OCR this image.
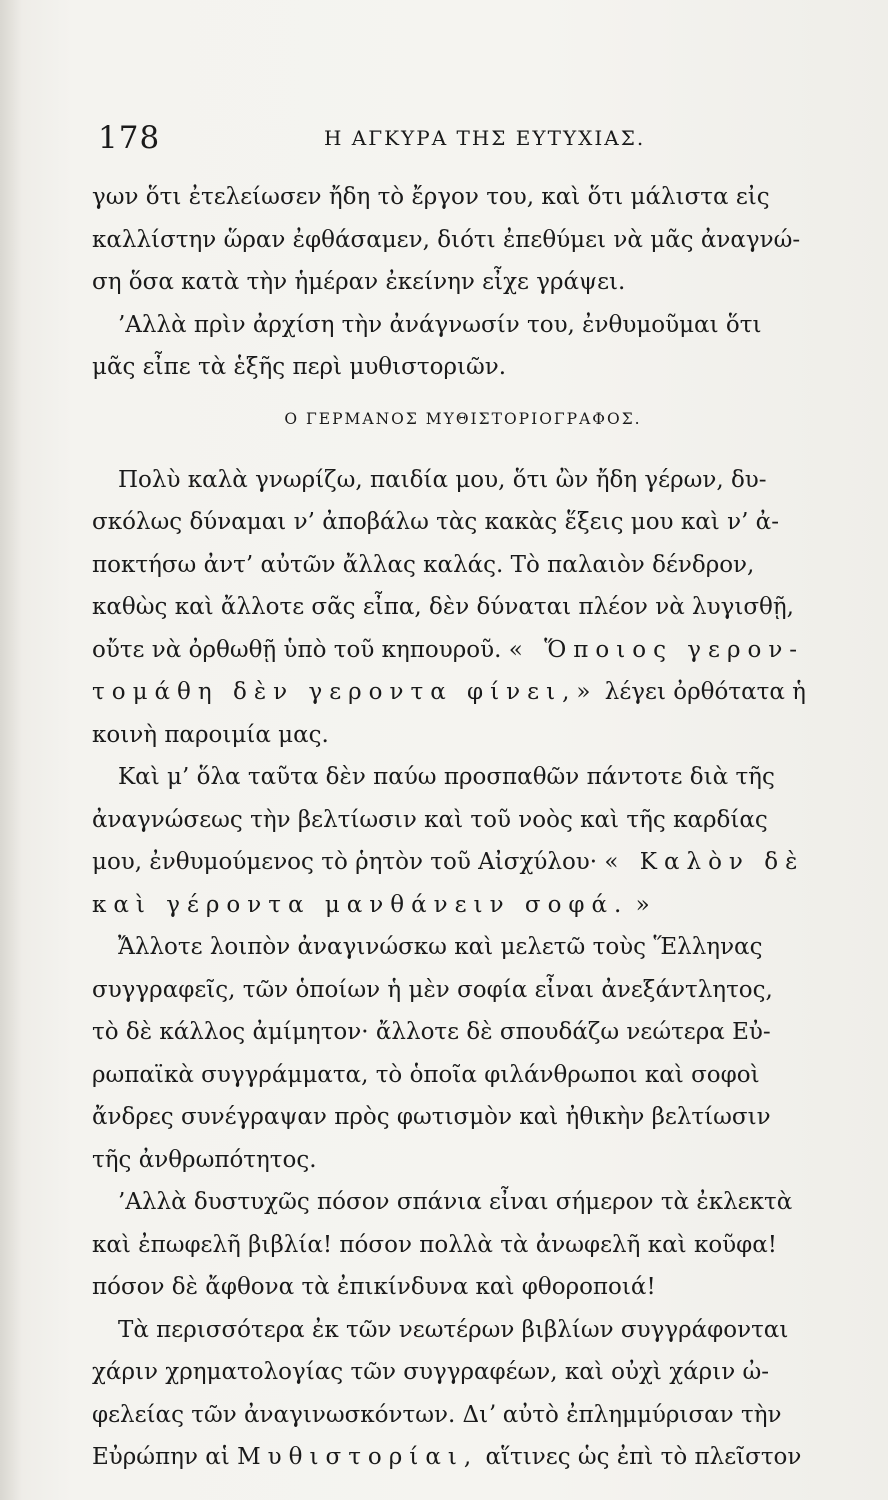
178	Η ΑΓΚΥΡΑ ΤΗΣ ΕΥΤΥΧΙΑΣ.
γων ὅτι ἐτελείωσεν ἤδη τὸ ἔργον του, καὶ ὅτι μάλιστα εἰς
καλλίστην ὥραν ἐφθάσαμεν, διότι ἐπεθύμει νὰ μᾶς ἀναγνώ-
ση ὅσα κατὰ τὴν ἡμέραν ἐκείνην εἶχε γράψει.
’Αλλὰ πρὶν ἀρχίση τὴν ἀνάγνωσίν του, ἐνθυμοῦμαι ὅτι
μᾶς εἶπε τὰ ἑξῆς περὶ μυθιστοριῶν.
Ο ΓΕΡΜΑΝΟΣ ΜΥΘΙΣΤΟΡΙΟΓΡΑΦΟΣ.
Πολὺ καλὰ γνωρίζω, παιδία μου, ὅτι ὢν ἤδη γέρων, δυ-
σκόλως δύναμαι ν’ ἀποβάλω τὰς κακὰς ἕξεις μου καὶ ν’ ἀ-
ποκτήσω ἀντ’ αὐτῶν ἄλλας καλάς. Τὸ παλαιὸν δένδρον,
καθὼς καὶ ἄλλοτε σᾶς εἶπα, δὲν δύναται πλέον νὰ λυγισθῇ,
οὔτε νὰ ὀρθωθῇ ὑπὸ τοῦ κηπουροῦ. « Ὅποιος γερον-
τομάθη δὲν γεροντα φίνει,» λέγει ὀρθότατα ἡ
κοινὴ παροιμία μας.
Καὶ μ’ ὅλα ταῦτα δὲν παύω προσπαθῶν πάντοτε διὰ τῆς
ἀναγνώσεως τὴν βελτίωσιν καὶ τοῦ νοὸς καὶ τῆς καρδίας
μου, ἐνθυμούμενος τὸ ῥητὸν τοῦ Αἰσχύλου· « Καλὸν δὲ
καὶ γέροντα μανθάνειν σοφά. »
Ἄλλοτε λοιπὸν ἀναγινώσκω καὶ μελετῶ τοὺς Ἕλληνας
συγγραφεῖς, τῶν ὁποίων ἡ μὲν σοφία εἶναι ἀνεξάντλητος,
τὸ δὲ κάλλος ἀμίμητον· ἄλλοτε δὲ σπουδάζω νεώτερα Εὐ-
ρωπαϊκὰ συγγράμματα, τὸ ὁποῖα φιλάνθρωποι καὶ σοφοὶ
ἄνδρες συνέγραψαν πρὸς φωτισμὸν καὶ ἠθικὴν βελτίωσιν
τῆς ἀνθρωπότητος.
’Αλλὰ δυστυχῶς πόσον σπάνια εἶναι σήμερον τὰ ἐκλεκτὰ
καὶ ἐπωφελῆ βιβλία! πόσον πολλὰ τὰ ἀνωφελῆ καὶ κοῦφα!
πόσον δὲ ἄφθονα τὰ ἐπικίνδυνα καὶ φθοροποιά!
Τὰ περισσότερα ἐκ τῶν νεωτέρων βιβλίων συγγράφονται
χάριν χρηματολογίας τῶν συγγραφέων, καὶ οὐχὶ χάριν ὠ-
φελείας τῶν ἀναγινωσκόντων. Διʼ αὐτὸ ἐπλημμύρισαν τὴν
Εὐρώπην αἱ Μυθιστορίαι, αἵτινες ὡς ἐπὶ τὸ πλεῖστον
